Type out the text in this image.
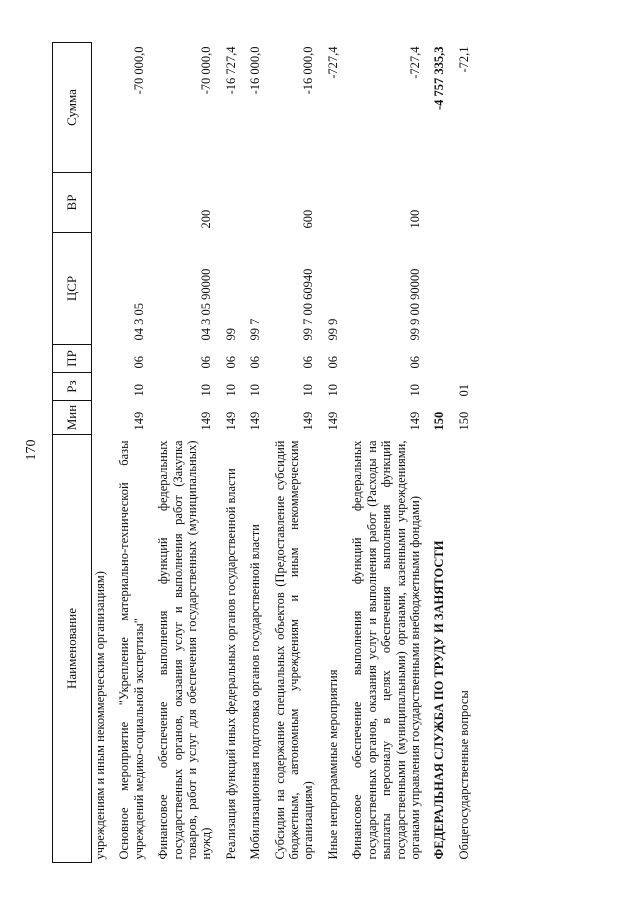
170
Наименование	Мин	Рз	ПР	ЦСР	ВР	Сумма
учреждениям и иным некоммерческим организациям)						

Основное мероприятие "Укрепление материально-технической базы учреждений медико-социальной экспертизы"	149	10	06	04 3 05		-70 000,0

Финансовое обеспечение выполнения функций федеральных государственных органов, оказания услуг и выполнения работ (Закупка товаров, работ и услуг для обеспечения государственных (муниципальных) нужд)	149	10	06	04 3 05 90000	200	-70 000,0

Реализация функций иных федеральных органов государственной власти	149	10	06	99		-16 727,4

Мобилизационная подготовка органов государственной власти	149	10	06	99 7		-16 000,0

Субсидии на содержание специальных объектов (Предоставление субсидий бюджетным, автономным учреждениям и иным некоммерческим организациям)	149	10	06	99 7 00 60940	600	-16 000,0

Иные непрограммные мероприятия	149	10	06	99 9		-727,4

Финансовое обеспечение выполнения функций федеральных государственных органов, оказания услуг и выполнения работ (Расходы на выплаты персоналу в целях обеспечения выполнения функций государственными (муниципальными) органами, казенными учреждениями, органами управления государственными внебюджетными фондами)	149	10	06	99 9 00 90000	100	-727,4

ФЕДЕРАЛЬНАЯ СЛУЖБА ПО ТРУДУ И ЗАНЯТОСТИ	150					-4 757 335,3

Общегосударственные вопросы	150	01				-72,1
